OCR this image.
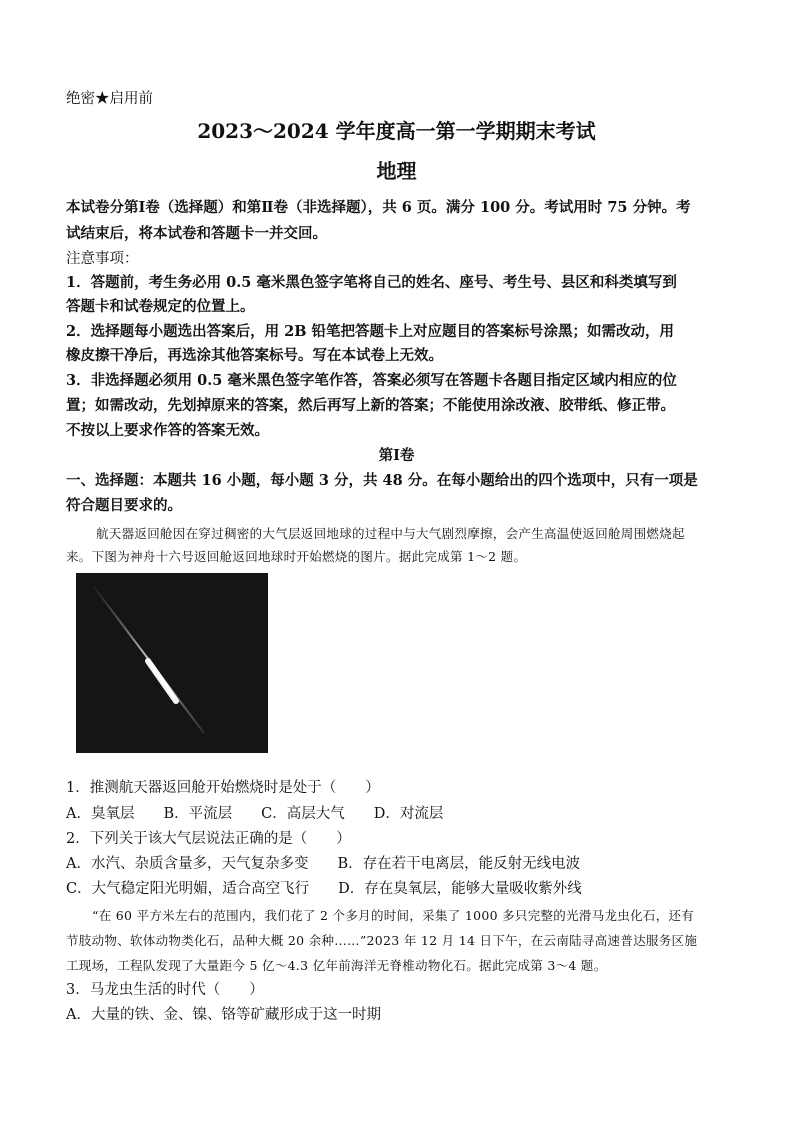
绝密★启用前
2023～2024 学年度高一第一学期期末考试
地理
本试卷分第Ⅰ卷（选择题）和第Ⅱ卷（非选择题），共 6 页。满分 100 分。考试用时 75 分钟。考
试结束后，将本试卷和答题卡一并交回。
注意事项：
1．答题前，考生务必用 0.5 毫米黑色签字笔将自己的姓名、座号、考生号、县区和科类填写到
答题卡和试卷规定的位置上。
2．选择题每小题选出答案后，用 2B 铅笔把答题卡上对应题目的答案标号涂黑；如需改动，用
橡皮擦干净后，再选涂其他答案标号。写在本试卷上无效。
3．非选择题必须用 0.5 毫米黑色签字笔作答，答案必须写在答题卡各题目指定区域内相应的位
置；如需改动，先划掉原来的答案，然后再写上新的答案；不能使用涂改液、胶带纸、修正带。
不按以上要求作答的答案无效。
第Ⅰ卷
一、选择题：本题共 16 小题，每小题 3 分，共 48 分。在每小题给出的四个选项中，只有一项是
符合题目要求的。
航天器返回舱因在穿过稠密的大气层返回地球的过程中与大气剧烈摩擦，会产生高温使返回舱周围燃烧起
来。下图为神舟十六号返回舱返回地球时开始燃烧的图片。据此完成第 1～2 题。
1．推测航天器返回舱开始燃烧时是处于（　　）
A．臭氧层　　B．平流层　　C．高层大气　　D．对流层
2．下列关于该大气层说法正确的是（　　）
A．水汽、杂质含量多，天气复杂多变　　B．存在若干电离层，能反射无线电波
C．大气稳定阳光明媚，适合高空飞行　　D．存在臭氧层，能够大量吸收紫外线
“在 60 平方米左右的范围内，我们花了 2 个多月的时间，采集了 1000 多只完整的光滑马龙虫化石，还有
节肢动物、软体动物类化石，品种大概 20 余种……”2023 年 12 月 14 日下午，在云南陆寻高速普达服务区施
工现场，工程队发现了大量距今 5 亿～4.3 亿年前海洋无脊椎动物化石。据此完成第 3～4 题。
3．马龙虫生活的时代（　　）
A．大量的铁、金、镍、铬等矿藏形成于这一时期
